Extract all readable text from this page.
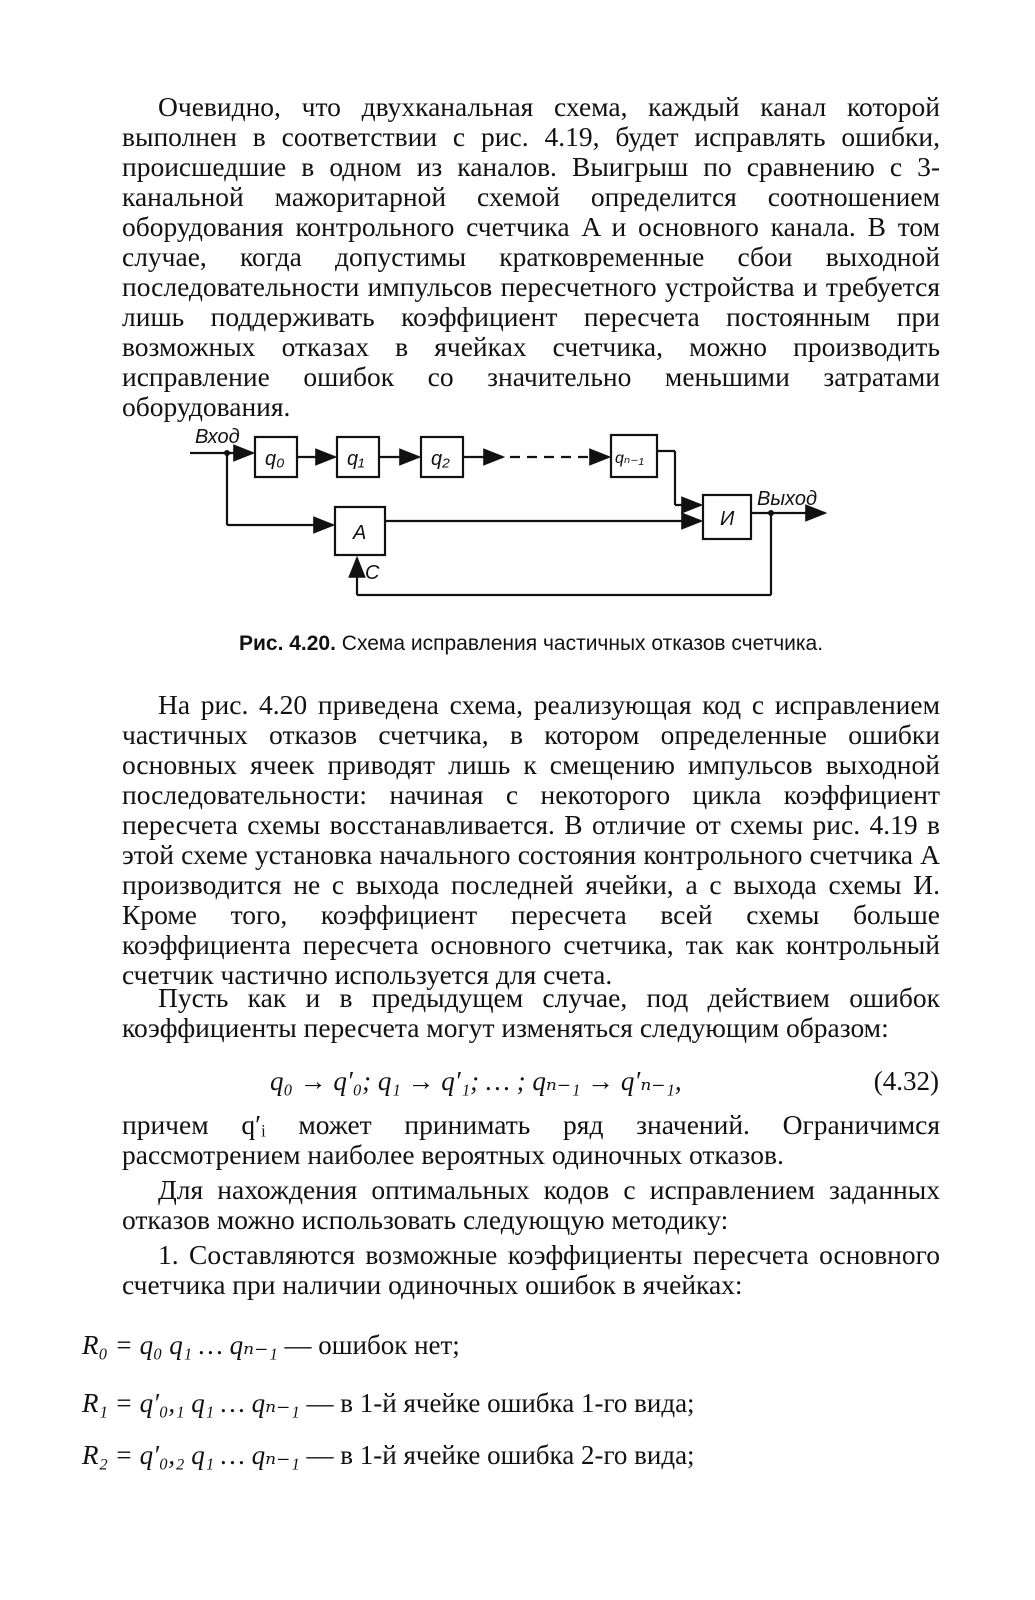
Очевидно, что двухканальная схема, каждый канал которой выполнен в соответствии с рис. 4.19, будет исправлять ошибки, происшедшие в одном из каналов. Выигрыш по сравнению с 3-канальной мажоритарной схемой определится соотношением оборудования контрольного счетчика A и основного канала. В том случае, когда допустимы кратковременные сбои выходной последовательности импульсов пересчетного устройства и требуется лишь поддерживать коэффициент пересчета постоянным при возможных отказах в ячейках счетчика, можно производить исправление ошибок со значительно меньшими затратами оборудования.

Вход
Выход
q₀	q₁	q₂	qₙ₋₁
A
И
C
Рис. 4.20. Схема исправления частичных отказов счетчика.

На рис. 4.20 приведена схема, реализующая код с исправлением частичных отказов счетчика, в котором определенные ошибки основных ячеек приводят лишь к смещению импульсов выходной последовательности: начиная с некоторого цикла коэффициент пересчета схемы восстанавливается. В отличие от схемы рис. 4.19 в этой схеме установка начального состояния контрольного счетчика A производится не с выхода последней ячейки, а с выхода схемы И. Кроме того, коэффициент пересчета всей схемы больше коэффициента пересчета основного счетчика, так как контрольный счетчик частично используется для счета.

Пусть как и в предыдущем случае, под действием ошибок коэффициенты пересчета могут изменяться следующим образом:

q₀ → q′₀; q₁ → q′₁; … ; qₙ₋₁ → q′ₙ₋₁,	(4.32)

причем q′ᵢ может принимать ряд значений. Ограничимся рассмотрением наиболее вероятных одиночных отказов.

Для нахождения оптимальных кодов с исправлением заданных отказов можно использовать следующую методику:

1. Составляются возможные коэффициенты пересчета основного счетчика при наличии одиночных ошибок в ячейках:

R₀ = q₀ q₁ … qₙ₋₁ — ошибок нет;
R₁ = q′₀,₁ q₁ … qₙ₋₁ — в 1-й ячейке ошибка 1-го вида;
R₂ = q′₀,₂ q₁ … qₙ₋₁ — в 1-й ячейке ошибка 2-го вида;
